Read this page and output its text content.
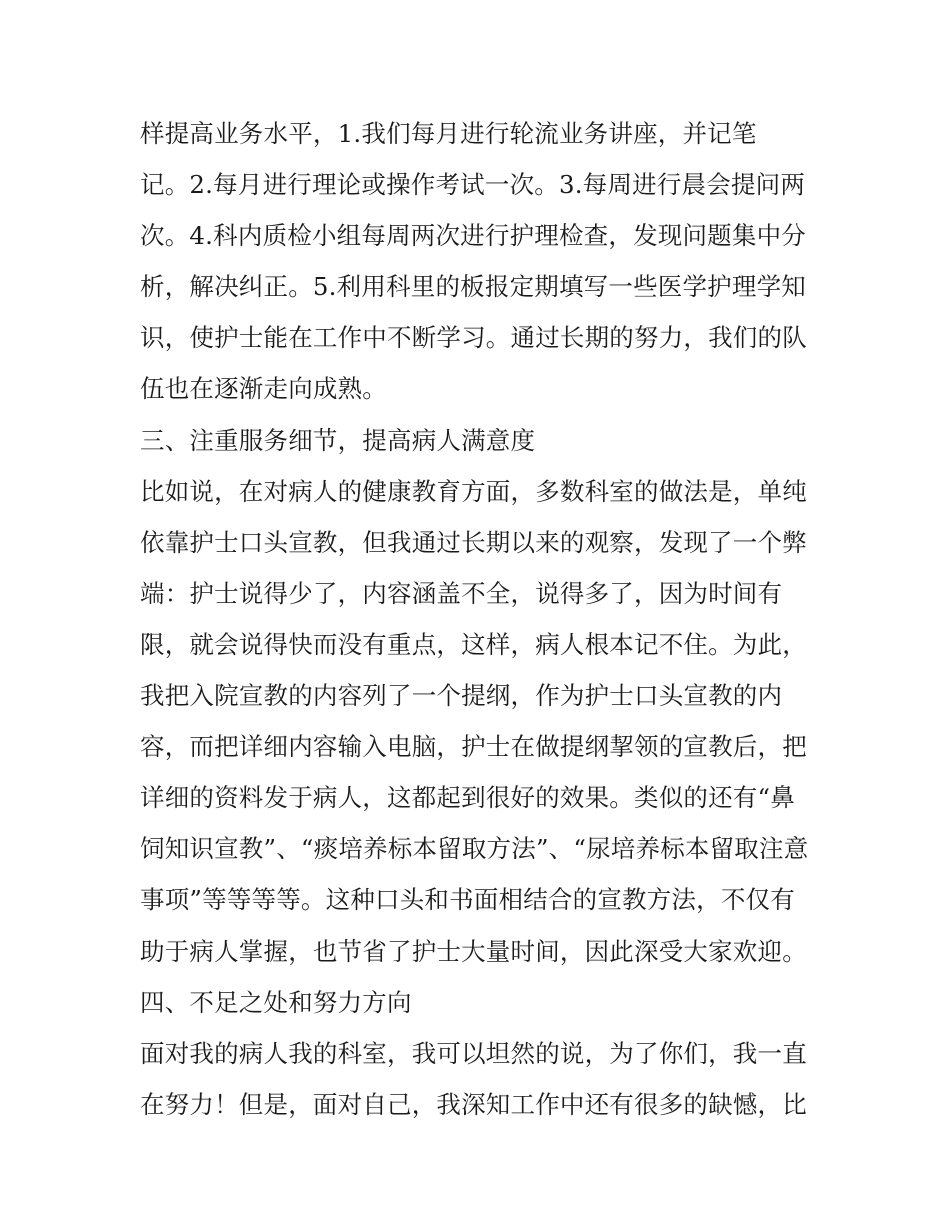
样提高业务水平，1.我们每月进行轮流业务讲座，并记笔
记。2.每月进行理论或操作考试一次。3.每周进行晨会提问两
次。4.科内质检小组每周两次进行护理检查，发现问题集中分
析，解决纠正。5.利用科里的板报定期填写一些医学护理学知
识，使护士能在工作中不断学习。通过长期的努力，我们的队
伍也在逐渐走向成熟。
三、注重服务细节，提高病人满意度
比如说，在对病人的健康教育方面，多数科室的做法是，单纯
依靠护士口头宣教，但我通过长期以来的观察，发现了一个弊
端：护士说得少了，内容涵盖不全，说得多了，因为时间有
限，就会说得快而没有重点，这样，病人根本记不住。为此，
我把入院宣教的内容列了一个提纲，作为护士口头宣教的内
容，而把详细内容输入电脑，护士在做提纲挈领的宣教后，把
详细的资料发于病人，这都起到很好的效果。类似的还有“鼻
饲知识宣教”、“痰培养标本留取方法”、“尿培养标本留取注意
事项”等等等等。这种口头和书面相结合的宣教方法，不仅有
助于病人掌握，也节省了护士大量时间，因此深受大家欢迎。
四、不足之处和努力方向
面对我的病人我的科室，我可以坦然的说，为了你们，我一直
在努力！但是，面对自己，我深知工作中还有很多的缺憾，比
